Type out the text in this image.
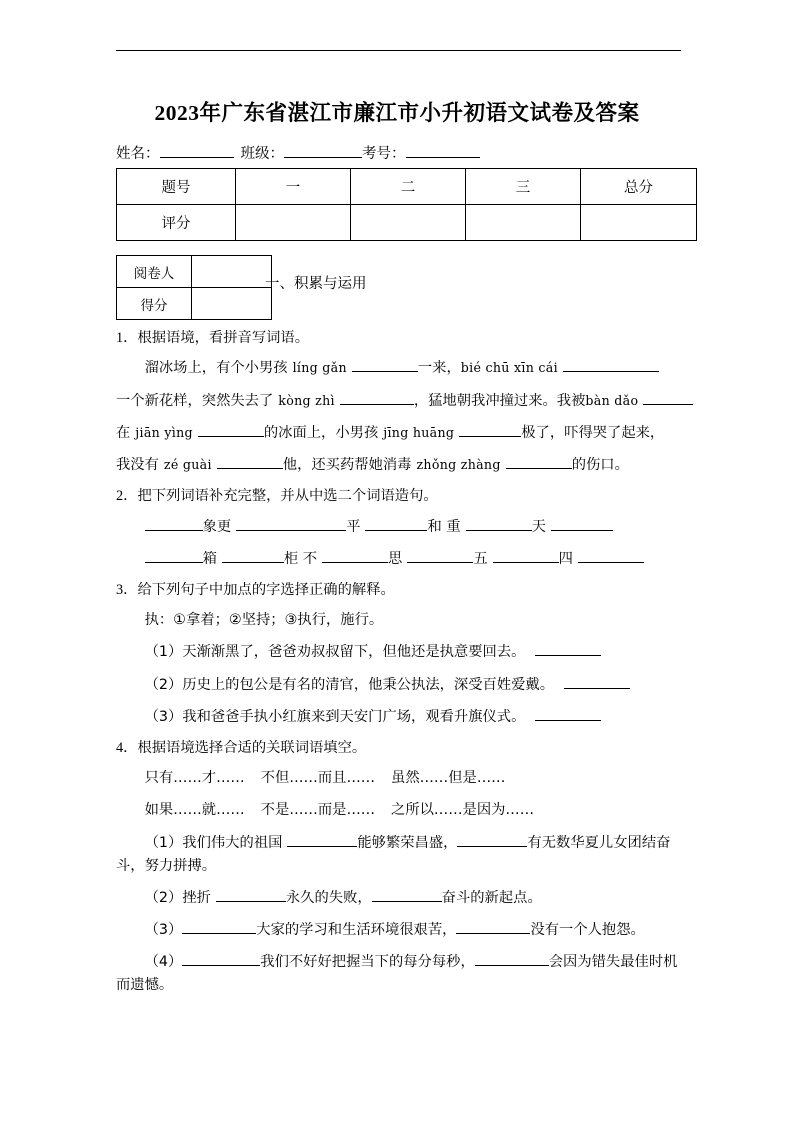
2023年广东省湛江市廉江市小升初语文试卷及答案
姓名：	班级：	考号：
题号	一	二	三	总分
评分				
阅卷人	
得分	
一、积累与运用

1．根据语境，看拼音写词语。

溜冰场上，有个小男孩 líng gǎn	一来，bié chū xīn cái

一个新花样，突然失去了 kòng zhì	，猛地朝我冲撞过来。我被bàn dǎo

在 jiān yìng	的冰面上，小男孩 jīng huāng	极了，吓得哭了起来，

我没有 zé guài	他，还买药帮她消毒 zhǒng zhàng	的伤口。

2．把下列词语补充完整，并从中选二个词语造句。

象更	平	和 重	天

箱	柜 不	思	五	四

3．给下列句子中加点的字选择正确的解释。

执：①拿着；②坚持；③执行，施行。

（1）天渐渐黑了，爸爸劝叔叔留下，但他还是执意要回去。

（2）历史上的包公是有名的清官，他秉公执法，深受百姓爱戴。

（3）我和爸爸手执小红旗来到天安门广场，观看升旗仪式。

4．根据语境选择合适的关联词语填空。

只有……才…… 不但……而且…… 虽然……但是……

如果……就…… 不是……而是…… 之所以……是因为……

（1）我们伟大的祖国	能够繁荣昌盛，	有无数华夏儿女团结奋斗，努力拼搏。

（2）挫折	永久的失败，	奋斗的新起点。

（3）	大家的学习和生活环境很艰苦，	没有一个人抱怨。

（4）	我们不好好把握当下的每分每秒，	会因为错失最佳时机而遗憾。
